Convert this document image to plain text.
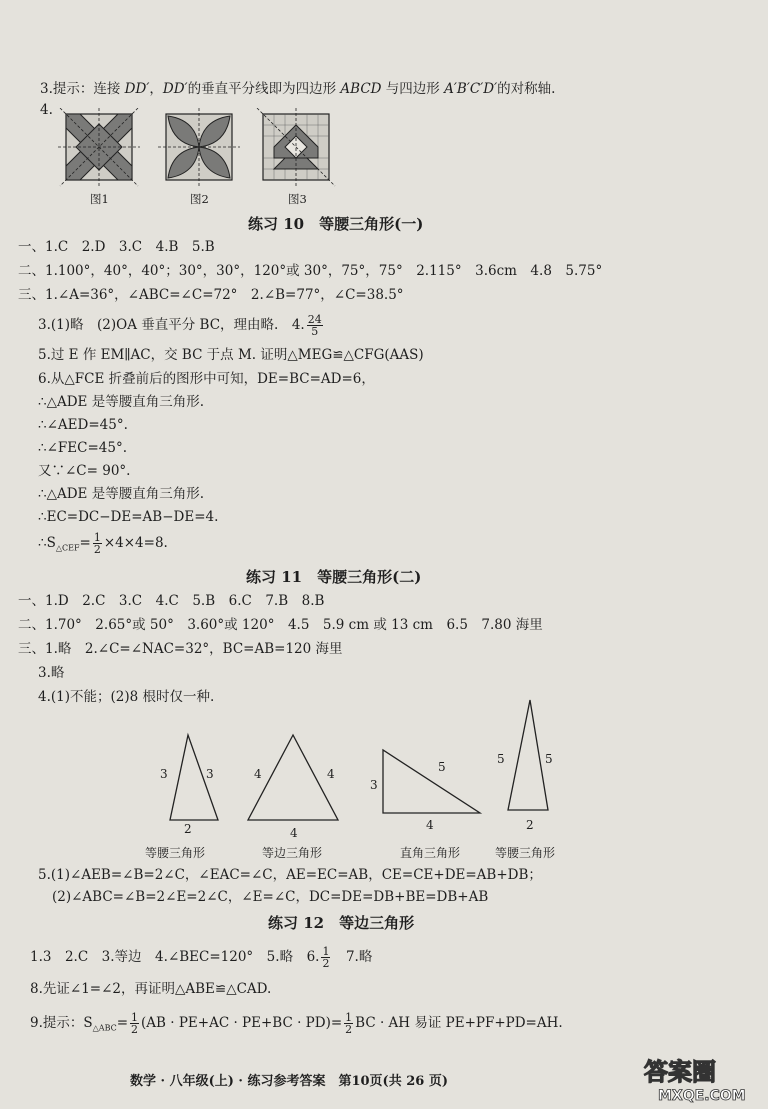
3.提示：连接 DD′，DD′的垂直平分线即为四边形 ABCD 与四边形 A′B′C′D′的对称轴.
4.
图1	图2	图3
练习 10　等腰三角形(一)
一、1.C　2.D　3.C　4.B　5.B
二、1.100°，40°，40°；30°，30°，120°或 30°，75°，75°　2.115°　3.6cm　4.8　5.75°
三、1.∠A=36°，∠ABC=∠C=72°　2.∠B=77°，∠C=38.5°
3.(1)略　(2)OA 垂直平分 BC，理由略.　4. $\frac{24}{5}$
5.过 E 作 EM∥AC，交 BC 于点 M. 证明△MEG≌△CFG(AAS)
6.从△FCE 折叠前后的图形中可知，DE=BC=AD=6，
∴△ADE 是等腰直角三角形.
∴∠AED=45°.
∴∠FEC=45°.
又∵∠C= 90°.
∴△ADE 是等腰直角三角形.
∴EC=DC−DE=AB−DE=4.
$\therefore S_{\triangle CEF}= \frac{1}{2} \times 4\times 4=8$.
练习 11　等腰三角形(二)
一、1.D　2.C　3.C　4.C　5.B　6.C　7.B　8.B
二、1.70°　2.65°或 50°　3.60°或 120°　4.5　5.9 cm 或 13 cm　6.5　7.80 海里
三、1.略　2.∠C=∠NAC=32°，BC=AB=120 海里
3.略
4.(1)不能；(2)8 根时仅一种.
3	3
2
等腰三角形
4	4
4
等边三角形
3
5
4
直角三角形
5	5
2
等腰三角形
5.(1)∠AEB=∠B=2∠C，∠EAC=∠C，AE=EC=AB，CE=CE+DE=AB+DB；
(2)∠ABC=∠B=2∠E=2∠C，∠E=∠C，DC=DE=DB+BE=DB+AB
练习 12　等边三角形
1.3　2.C　3.等边　4.∠BEC=120°　5.略　6. $\frac{1}{2}$ 　7.略
8.先证∠1=∠2，再证明△ABE≌△CAD.
9.提示：$S_{\triangle ABC}= \frac{1}{2} (AB \cdot PE+AC \cdot PE+BC \cdot PD)= \frac{1}{2}$ BC · AH 易证 PE+PF+PD=AH.
数学 · 八年级(上) · 练习参考答案　第10页(共 26 页)	答案圈
MXQE.COM
